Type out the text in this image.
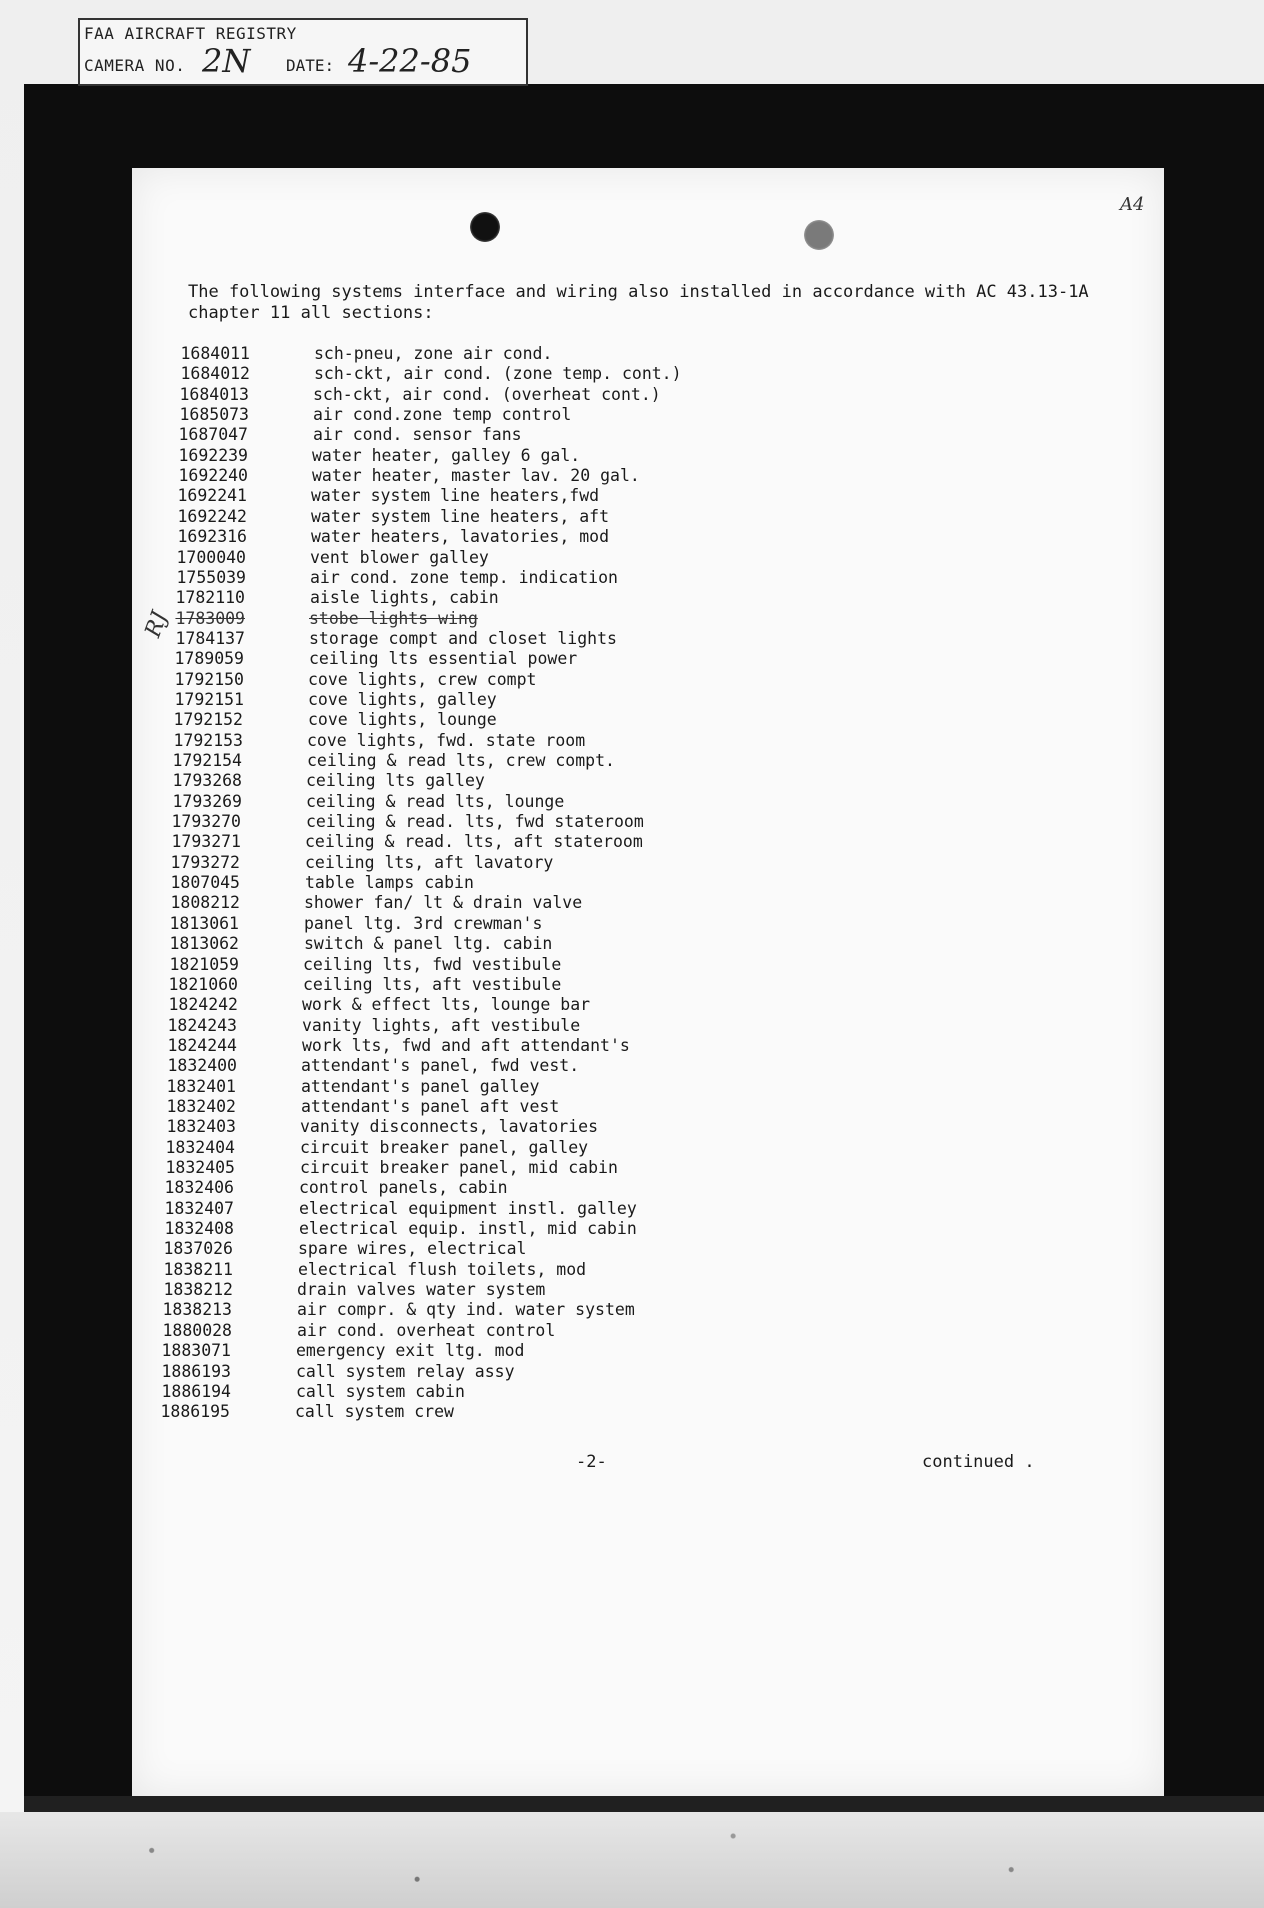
FAA AIRCRAFT REGISTRY
CAMERA NO. 2N DATE: 4-22-85
A4
The following systems interface and wiring also installed in accordance with AC 43.13-1A
chapter 11 all sections:
RJ
1684011	sch-pneu, zone air cond.
1684012	sch-ckt, air cond. (zone temp. cont.)
1684013	sch-ckt, air cond. (overheat cont.)
1685073	air cond.zone temp control
1687047	air cond. sensor fans
1692239	water heater, galley 6 gal.
1692240	water heater, master lav. 20 gal.
1692241	water system line heaters,fwd
1692242	water system line heaters, aft
1692316	water heaters, lavatories, mod
1700040	vent blower galley
1755039	air cond. zone temp. indication
1782110	aisle lights, cabin
1783009	stobe lights wing
1784137	storage compt and closet lights
1789059	ceiling lts essential power
1792150	cove lights, crew compt
1792151	cove lights, galley
1792152	cove lights, lounge
1792153	cove lights, fwd. state room
1792154	ceiling & read lts, crew compt.
1793268	ceiling lts galley
1793269	ceiling & read lts, lounge
1793270	ceiling & read. lts, fwd stateroom
1793271	ceiling & read. lts, aft stateroom
1793272	ceiling lts, aft lavatory
1807045	table lamps cabin
1808212	shower fan/ lt & drain valve
1813061	panel ltg. 3rd crewman's
1813062	switch & panel ltg. cabin
1821059	ceiling lts, fwd vestibule
1821060	ceiling lts, aft vestibule
1824242	work & effect lts, lounge bar
1824243	vanity lights, aft vestibule
1824244	work lts, fwd and aft attendant's
1832400	attendant's panel, fwd vest.
1832401	attendant's panel galley
1832402	attendant's panel aft vest
1832403	vanity disconnects, lavatories
1832404	circuit breaker panel, galley
1832405	circuit breaker panel, mid cabin
1832406	control panels, cabin
1832407	electrical equipment instl. galley
1832408	electrical equip. instl, mid cabin
1837026	spare wires, electrical
1838211	electrical flush toilets, mod
1838212	drain valves water system
1838213	air compr. & qty ind. water system
1880028	air cond. overheat control
1883071	emergency exit ltg. mod
1886193	call system relay assy
1886194	call system cabin
1886195	call system crew
-2-	continued .
